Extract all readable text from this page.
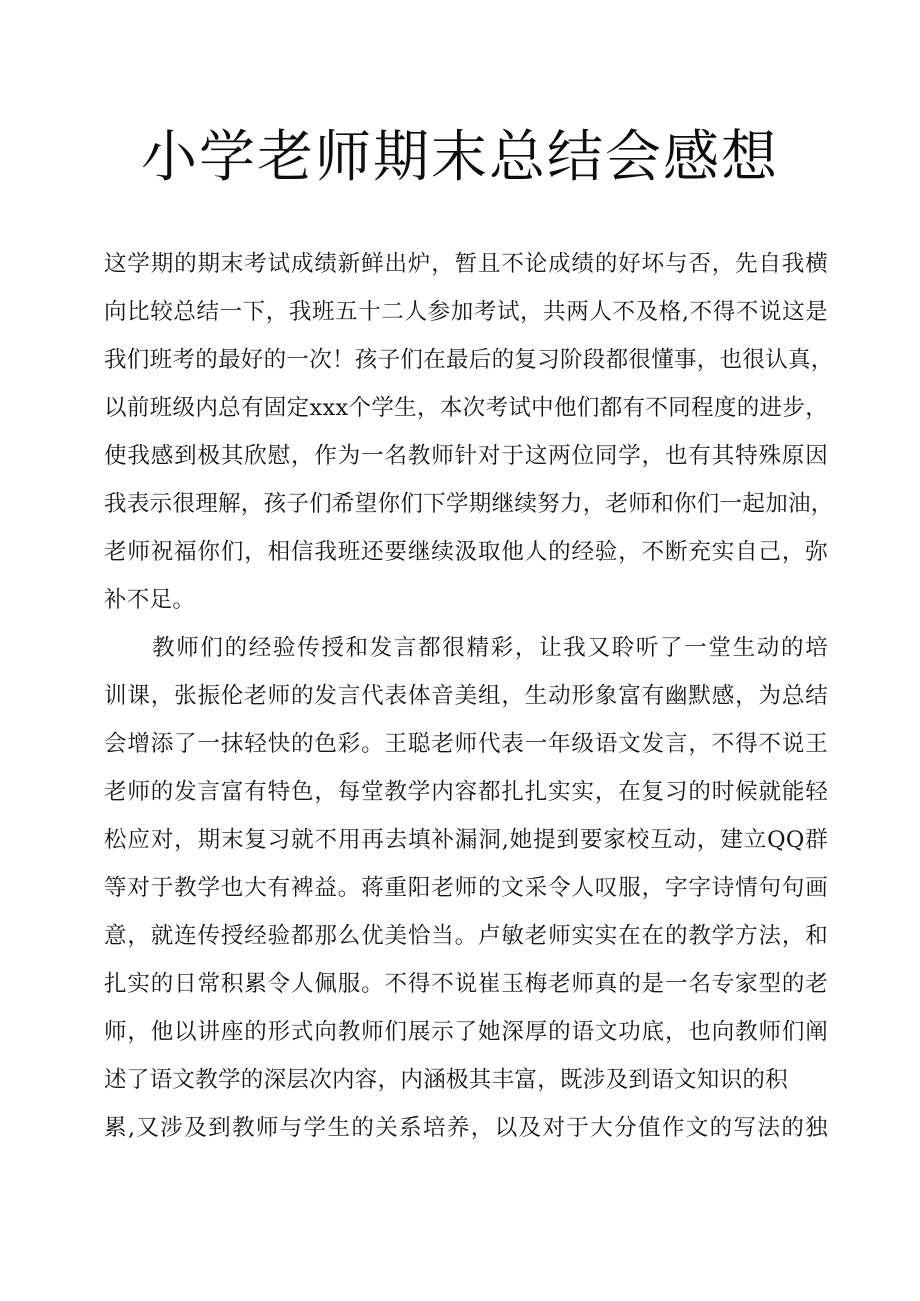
小学老师期末总结会感想
这学期的期末考试成绩新鲜出炉，暂且不论成绩的好坏与否，先自我横
向比较总结一下，我班五十二人参加考试，共两人不及格,不得不说这是
我们班考的最好的一次！孩子们在最后的复习阶段都很懂事，也很认真，
以前班级内总有固定xxx个学生，本次考试中他们都有不同程度的进步，
使我感到极其欣慰，作为一名教师针对于这两位同学，也有其特殊原因
我表示很理解，孩子们希望你们下学期继续努力，老师和你们一起加油，
老师祝福你们，相信我班还要继续汲取他人的经验，不断充实自己，弥
补不足。
教师们的经验传授和发言都很精彩，让我又聆听了一堂生动的培
训课，张振伦老师的发言代表体音美组，生动形象富有幽默感，为总结
会增添了一抹轻快的色彩。王聪老师代表一年级语文发言，不得不说王
老师的发言富有特色，每堂教学内容都扎扎实实，在复习的时候就能轻
松应对，期末复习就不用再去填补漏洞,她提到要家校互动，建立QQ群
等对于教学也大有裨益。蒋重阳老师的文采令人叹服，字字诗情句句画
意，就连传授经验都那么优美恰当。卢敏老师实实在在的教学方法，和
扎实的日常积累令人佩服。不得不说崔玉梅老师真的是一名专家型的老
师，他以讲座的形式向教师们展示了她深厚的语文功底，也向教师们阐
述了语文教学的深层次内容，内涵极其丰富，既涉及到语文知识的积
累,又涉及到教师与学生的关系培养，以及对于大分值作文的写法的独
